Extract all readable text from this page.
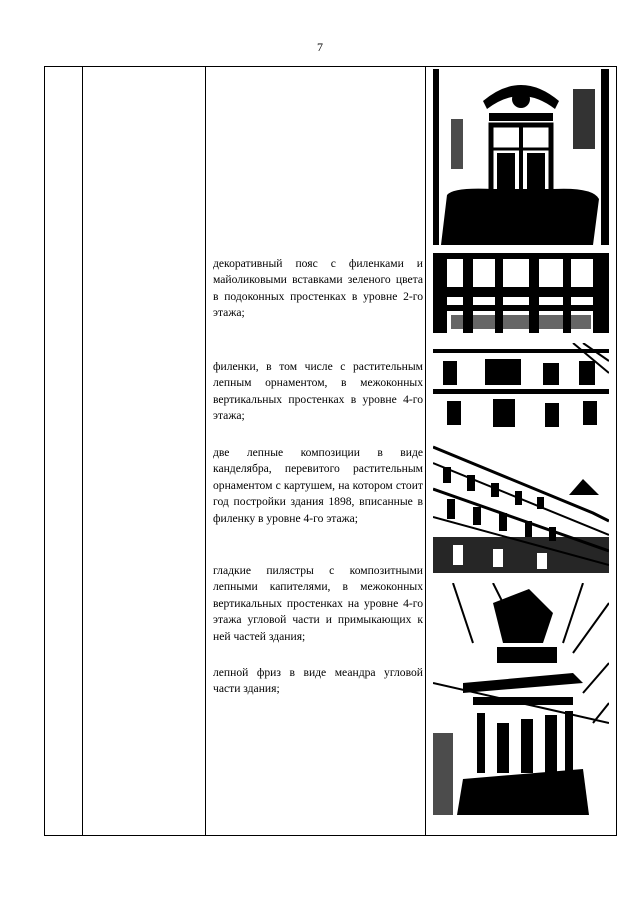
7
декоративный пояс с филенками и майоликовыми вставками зеленого цвета в подоконных простенках в уровне 2-го этажа;
филенки, в том числе с растительным лепным орнаментом, в межоконных вертикальных простенках в уровне 4-го этажа;
две лепные композиции в виде канделябра, перевитого растительным орнаментом с картушем, на котором стоит год постройки здания 1898, вписанные в филенку в уровне 4-го этажа;
гладкие пилястры с композитными лепными капителями, в межоконных вертикальных простенках на уровне 4-го этажа угловой части и примыкающих к ней частей здания;
лепной фриз в виде меандра угловой части здания;
